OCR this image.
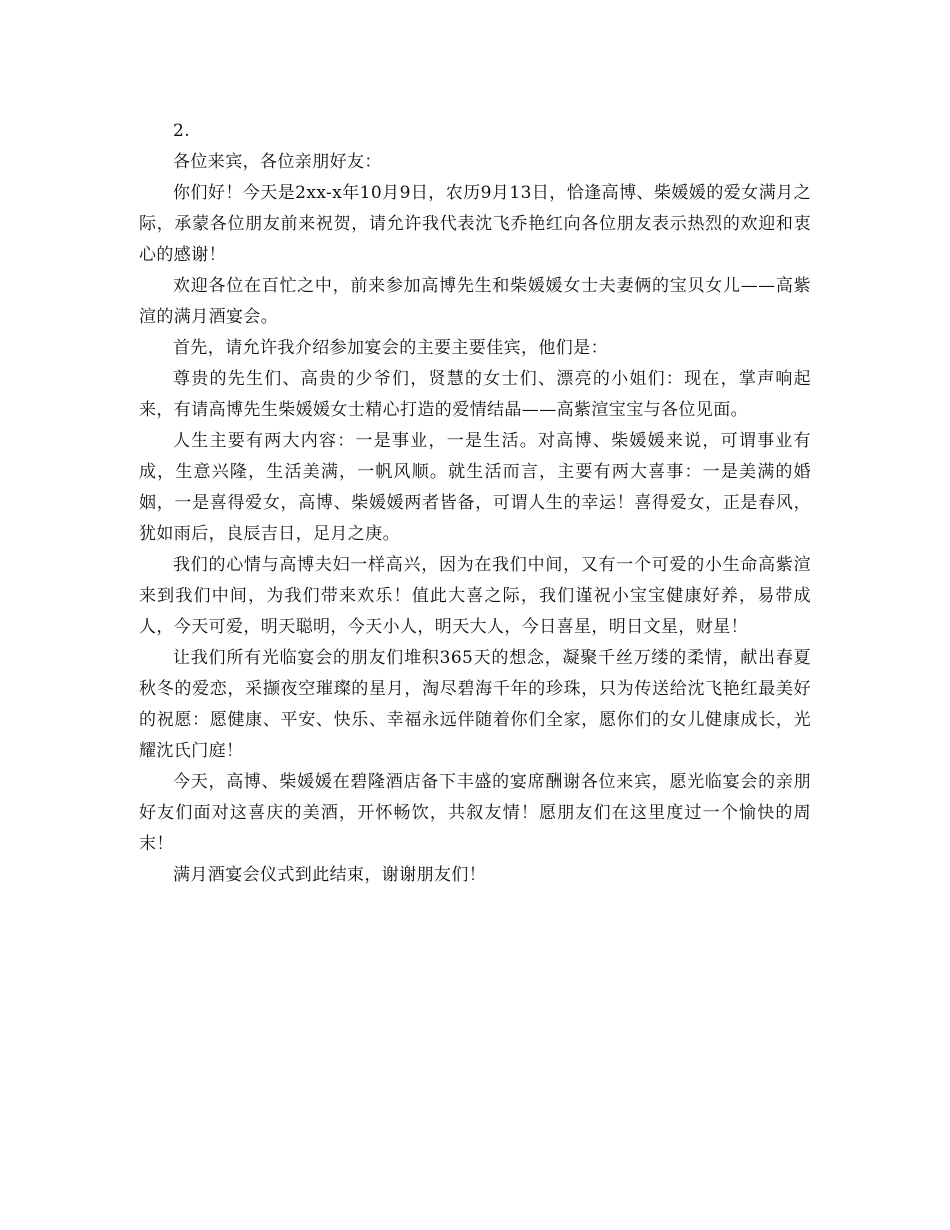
2.

各位来宾，各位亲朋好友：

你们好！今天是2xx-x年10月9日，农历9月13日，恰逢高博、柴媛媛的爱女满月之际，承蒙各位朋友前来祝贺，请允许我代表沈飞乔艳红向各位朋友表示热烈的欢迎和衷心的感谢！

欢迎各位在百忙之中，前来参加高博先生和柴媛媛女士夫妻俩的宝贝女儿——高紫渲的满月酒宴会。

首先，请允许我介绍参加宴会的主要主要佳宾，他们是：

尊贵的先生们、高贵的少爷们，贤慧的女士们、漂亮的小姐们：现在，掌声响起来，有请高博先生柴媛媛女士精心打造的爱情结晶——高紫渲宝宝与各位见面。

人生主要有两大内容：一是事业，一是生活。对高博、柴媛媛来说，可谓事业有成，生意兴隆，生活美满，一帆风顺。就生活而言，主要有两大喜事：一是美满的婚姻，一是喜得爱女，高博、柴媛媛两者皆备，可谓人生的幸运！喜得爱女，正是春风，犹如雨后，良辰吉日，足月之庚。

我们的心情与高博夫妇一样高兴，因为在我们中间，又有一个可爱的小生命高紫渲来到我们中间，为我们带来欢乐！值此大喜之际，我们谨祝小宝宝健康好养，易带成人，今天可爱，明天聪明，今天小人，明天大人，今日喜星，明日文星，财星！

让我们所有光临宴会的朋友们堆积365天的想念，凝聚千丝万缕的柔情，献出春夏秋冬的爱恋，采撷夜空璀璨的星月，淘尽碧海千年的珍珠，只为传送给沈飞艳红最美好的祝愿：愿健康、平安、快乐、幸福永远伴随着你们全家，愿你们的女儿健康成长，光耀沈氏门庭！

今天，高博、柴媛媛在碧隆酒店备下丰盛的宴席酬谢各位来宾，愿光临宴会的亲朋好友们面对这喜庆的美酒，开怀畅饮，共叙友情！愿朋友们在这里度过一个愉快的周末！

满月酒宴会仪式到此结束，谢谢朋友们！
